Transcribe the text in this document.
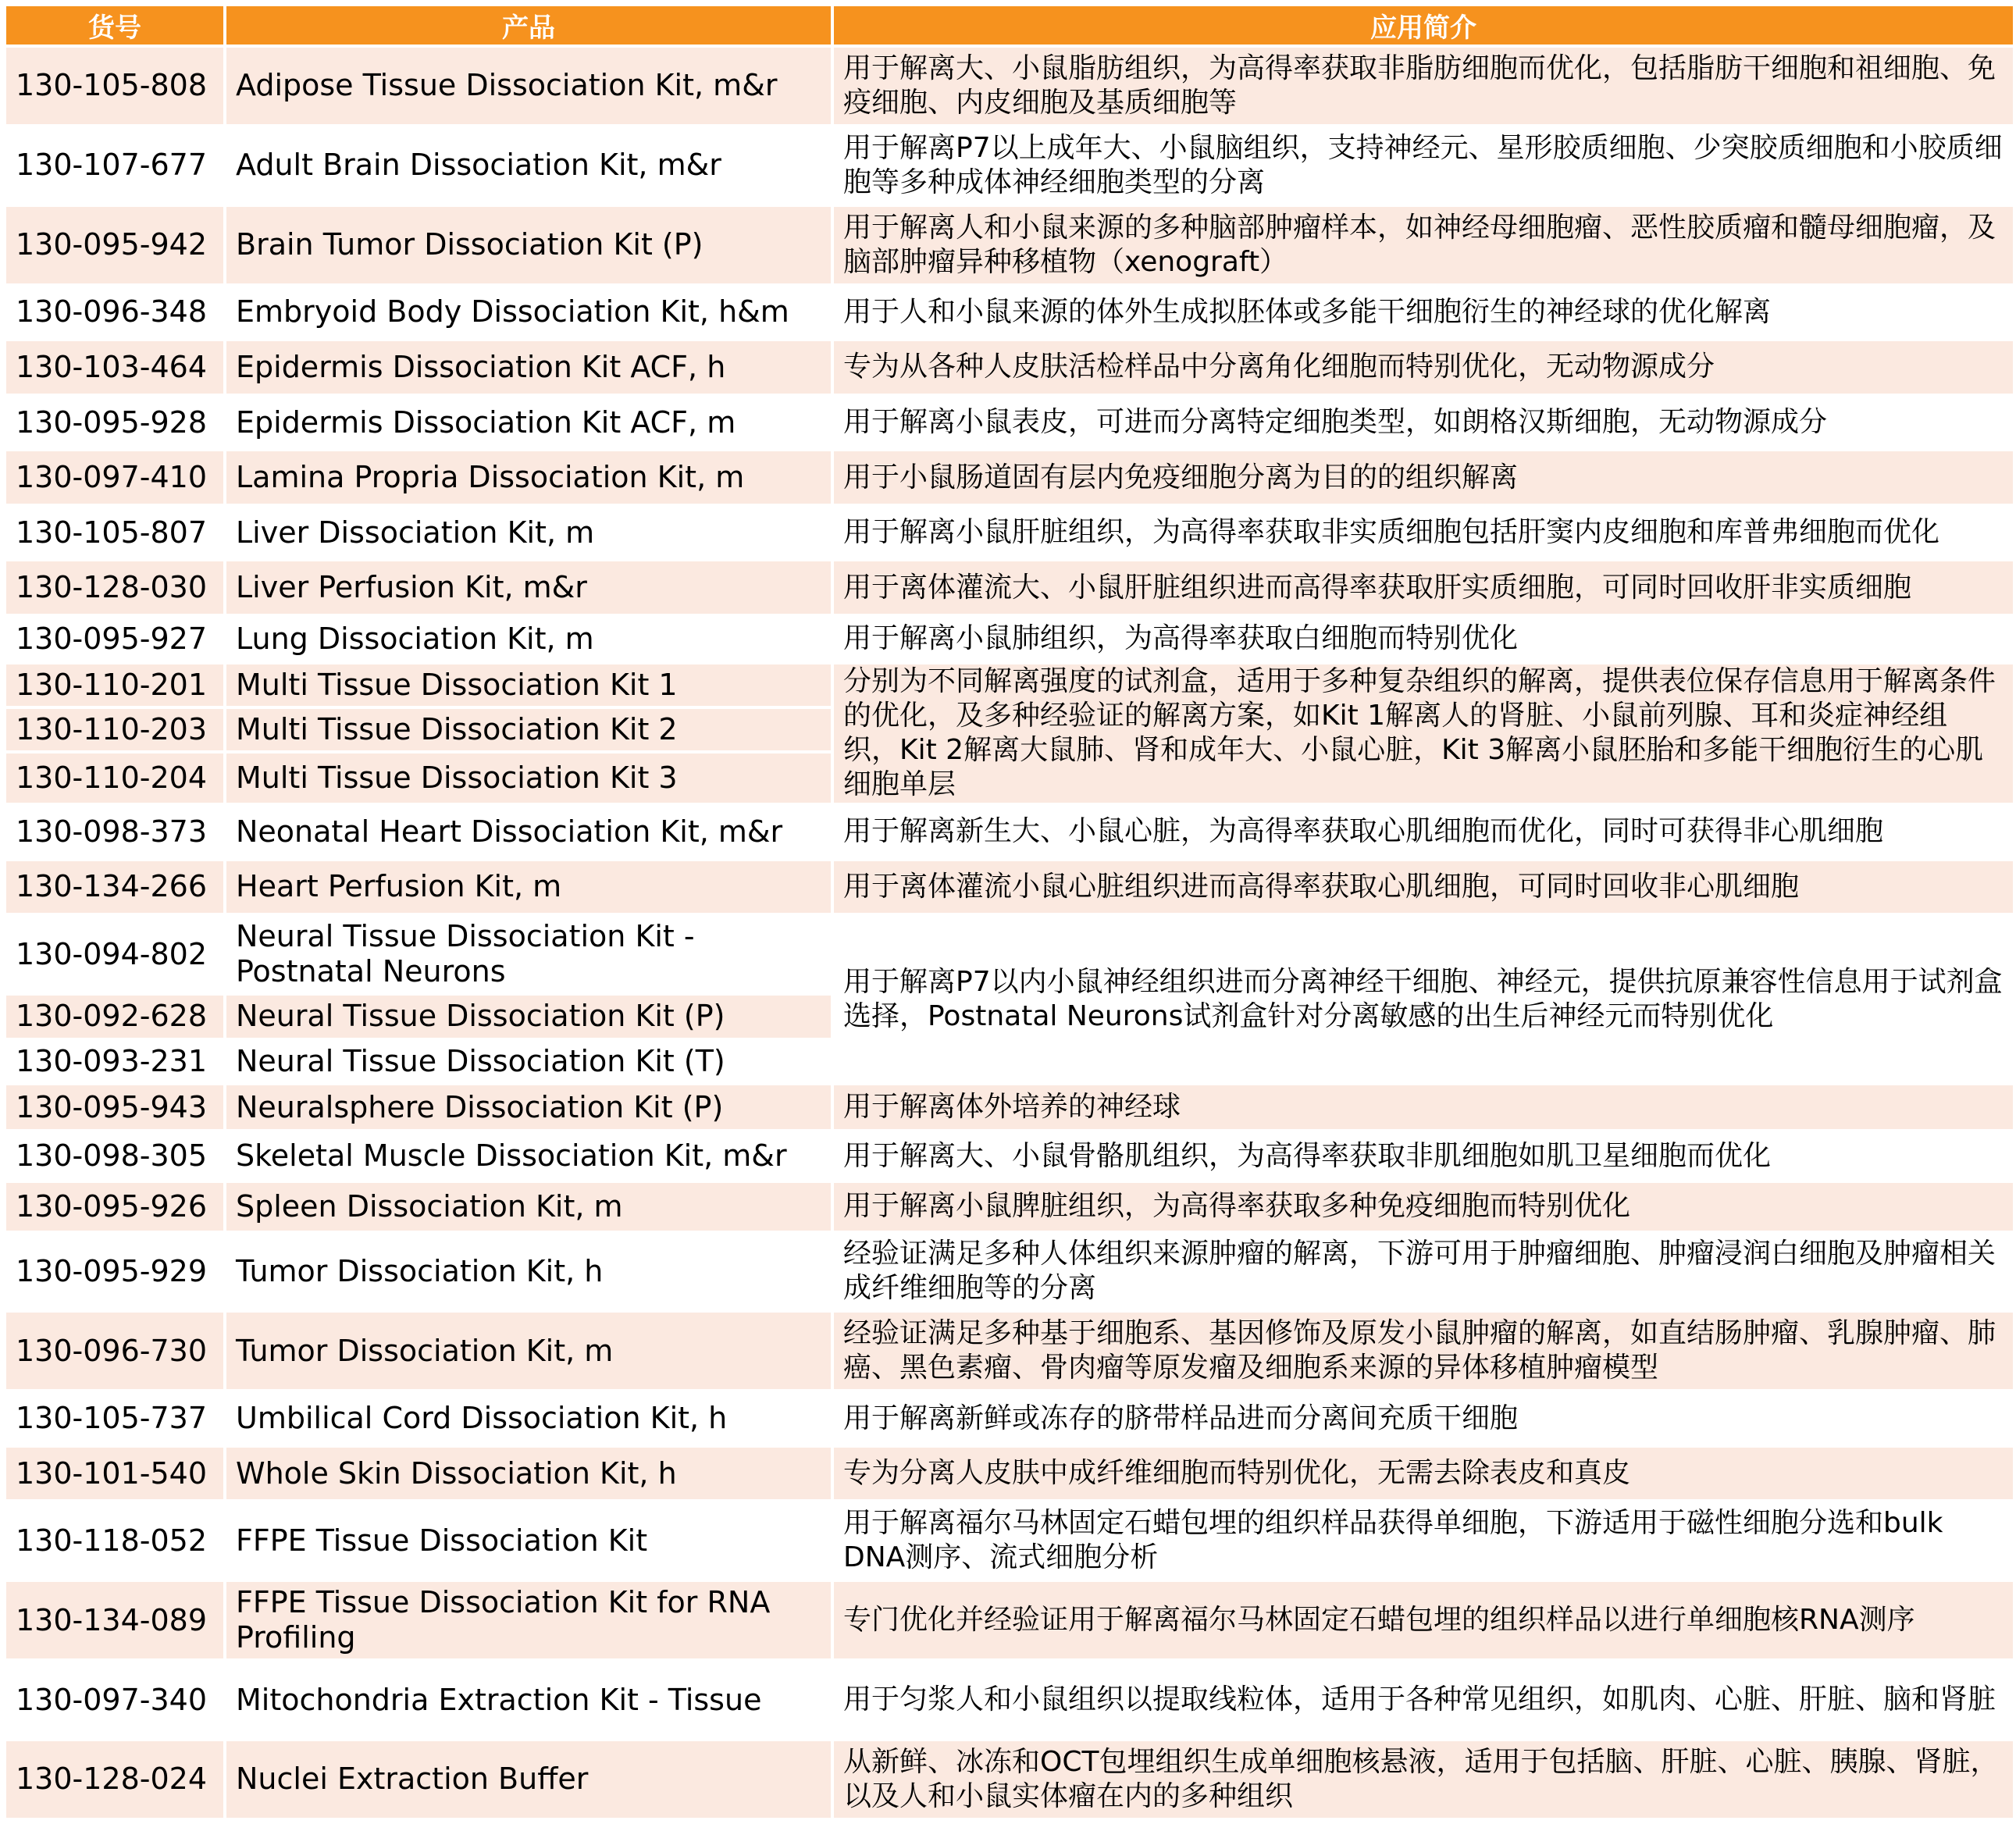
货号	产品	应用简介
130-105-808	Adipose Tissue Dissociation Kit, m&r	用于解离大、小鼠脂肪组织，为高得率获取非脂肪细胞而优化，包括脂肪干细胞和祖细胞、免疫细胞、内皮细胞及基质细胞等
130-107-677	Adult Brain Dissociation Kit, m&r	用于解离P7以上成年大、小鼠脑组织，支持神经元、星形胶质细胞、少突胶质细胞和小胶质细胞等多种成体神经细胞类型的分离
130-095-942	Brain Tumor Dissociation Kit (P)	用于解离人和小鼠来源的多种脑部肿瘤样本，如神经母细胞瘤、恶性胶质瘤和髓母细胞瘤，及脑部肿瘤异种移植物（xenograft）
130-096-348	Embryoid Body Dissociation Kit, h&m	用于人和小鼠来源的体外生成拟胚体或多能干细胞衍生的神经球的优化解离
130-103-464	Epidermis Dissociation Kit ACF, h	专为从各种人皮肤活检样品中分离角化细胞而特别优化，无动物源成分
130-095-928	Epidermis Dissociation Kit ACF, m	用于解离小鼠表皮，可进而分离特定细胞类型，如朗格汉斯细胞，无动物源成分
130-097-410	Lamina Propria Dissociation Kit, m	用于小鼠肠道固有层内免疫细胞分离为目的的组织解离
130-105-807	Liver Dissociation Kit, m	用于解离小鼠肝脏组织，为高得率获取非实质细胞包括肝窦内皮细胞和库普弗细胞而优化
130-128-030	Liver Perfusion Kit, m&r	用于离体灌流大、小鼠肝脏组织进而高得率获取肝实质细胞，可同时回收肝非实质细胞
130-095-927	Lung Dissociation Kit, m	用于解离小鼠肺组织，为高得率获取白细胞而特别优化
130-110-201	Multi Tissue Dissociation Kit 1	分别为不同解离强度的试剂盒，适用于多种复杂组织的解离，提供表位保存信息用于解离条件的优化，及多种经验证的解离方案，如Kit 1解离人的肾脏、小鼠前列腺、耳和炎症神经组织，Kit 2解离大鼠肺、肾和成年大、小鼠心脏，Kit 3解离小鼠胚胎和多能干细胞衍生的心肌细胞单层
130-110-203	Multi Tissue Dissociation Kit 2	
130-110-204	Multi Tissue Dissociation Kit 3	
130-098-373	Neonatal Heart Dissociation Kit, m&r	用于解离新生大、小鼠心脏，为高得率获取心肌细胞而优化，同时可获得非心肌细胞
130-134-266	Heart Perfusion Kit, m	用于离体灌流小鼠心脏组织进而高得率获取心肌细胞，可同时回收非心肌细胞
130-094-802	Neural Tissue Dissociation Kit - Postnatal Neurons	用于解离P7以内小鼠神经组织进而分离神经干细胞、神经元，提供抗原兼容性信息用于试剂盒选择，Postnatal Neurons试剂盒针对分离敏感的出生后神经元而特别优化
130-092-628	Neural Tissue Dissociation Kit (P)	
130-093-231	Neural Tissue Dissociation Kit (T)	
130-095-943	Neuralsphere Dissociation Kit (P)	用于解离体外培养的神经球
130-098-305	Skeletal Muscle Dissociation Kit, m&r	用于解离大、小鼠骨骼肌组织，为高得率获取非肌细胞如肌卫星细胞而优化
130-095-926	Spleen Dissociation Kit, m	用于解离小鼠脾脏组织，为高得率获取多种免疫细胞而特别优化
130-095-929	Tumor Dissociation Kit, h	经验证满足多种人体组织来源肿瘤的解离，下游可用于肿瘤细胞、肿瘤浸润白细胞及肿瘤相关成纤维细胞等的分离
130-096-730	Tumor Dissociation Kit, m	经验证满足多种基于细胞系、基因修饰及原发小鼠肿瘤的解离，如直结肠肿瘤、乳腺肿瘤、肺癌、黑色素瘤、骨肉瘤等原发瘤及细胞系来源的异体移植肿瘤模型
130-105-737	Umbilical Cord Dissociation Kit, h	用于解离新鲜或冻存的脐带样品进而分离间充质干细胞
130-101-540	Whole Skin Dissociation Kit, h	专为分离人皮肤中成纤维细胞而特别优化，无需去除表皮和真皮
130-118-052	FFPE Tissue Dissociation Kit	用于解离福尔马林固定石蜡包埋的组织样品获得单细胞，下游适用于磁性细胞分选和bulk DNA测序、流式细胞分析
130-134-089	FFPE Tissue Dissociation Kit for RNA Profiling	专门优化并经验证用于解离福尔马林固定石蜡包埋的组织样品以进行单细胞核RNA测序
130-097-340	Mitochondria Extraction Kit - Tissue	用于匀浆人和小鼠组织以提取线粒体，适用于各种常见组织，如肌肉、心脏、肝脏、脑和肾脏
130-128-024	Nuclei Extraction Buffer	从新鲜、冰冻和OCT包埋组织生成单细胞核悬液，适用于包括脑、肝脏、心脏、胰腺、肾脏，以及人和小鼠实体瘤在内的多种组织
